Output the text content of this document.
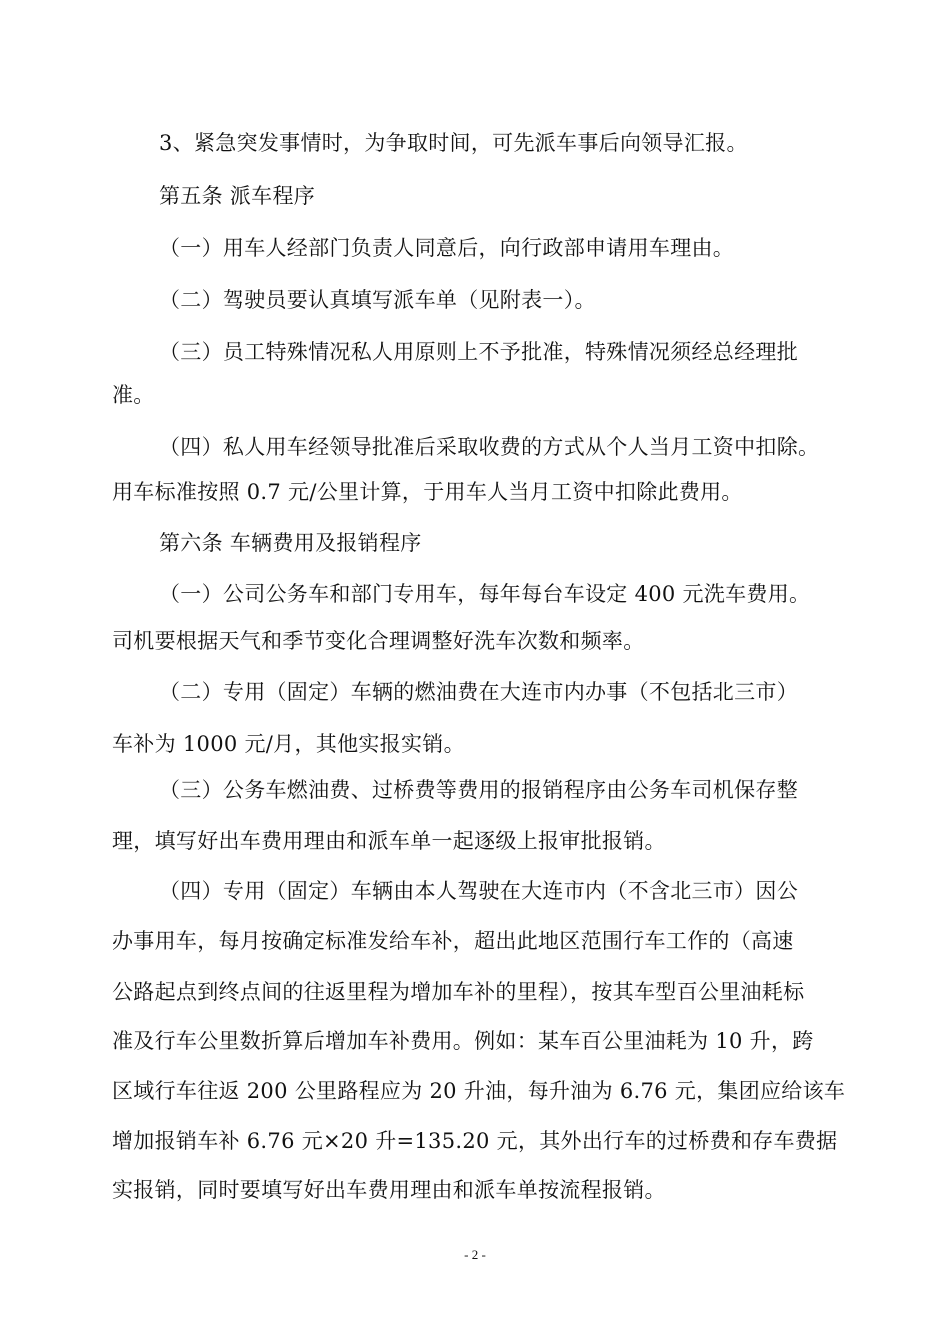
3、紧急突发事情时，为争取时间，可先派车事后向领导汇报。
第五条 派车程序
（一）用车人经部门负责人同意后，向行政部申请用车理由。
（二）驾驶员要认真填写派车单（见附表一）。
（三）员工特殊情况私人用原则上不予批准，特殊情况须经总经理批
准。
（四）私人用车经领导批准后采取收费的方式从个人当月工资中扣除。
用车标准按照 0.7 元/公里计算，于用车人当月工资中扣除此费用。
第六条 车辆费用及报销程序
（一）公司公务车和部门专用车，每年每台车设定 400 元洗车费用。
司机要根据天气和季节变化合理调整好洗车次数和频率。
（二）专用（固定）车辆的燃油费在大连市内办事（不包括北三市）
车补为 1000 元/月，其他实报实销。
（三）公务车燃油费、过桥费等费用的报销程序由公务车司机保存整
理，填写好出车费用理由和派车单一起逐级上报审批报销。
（四）专用（固定）车辆由本人驾驶在大连市内（不含北三市）因公
办事用车，每月按确定标准发给车补，超出此地区范围行车工作的（高速
公路起点到终点间的往返里程为增加车补的里程），按其车型百公里油耗标
准及行车公里数折算后增加车补费用。例如：某车百公里油耗为 10 升，跨
区域行车往返 200 公里路程应为 20 升油，每升油为 6.76 元，集团应给该车
增加报销车补 6.76 元×20 升=135.20 元，其外出行车的过桥费和存车费据
实报销，同时要填写好出车费用理由和派车单按流程报销。
- 2 -
